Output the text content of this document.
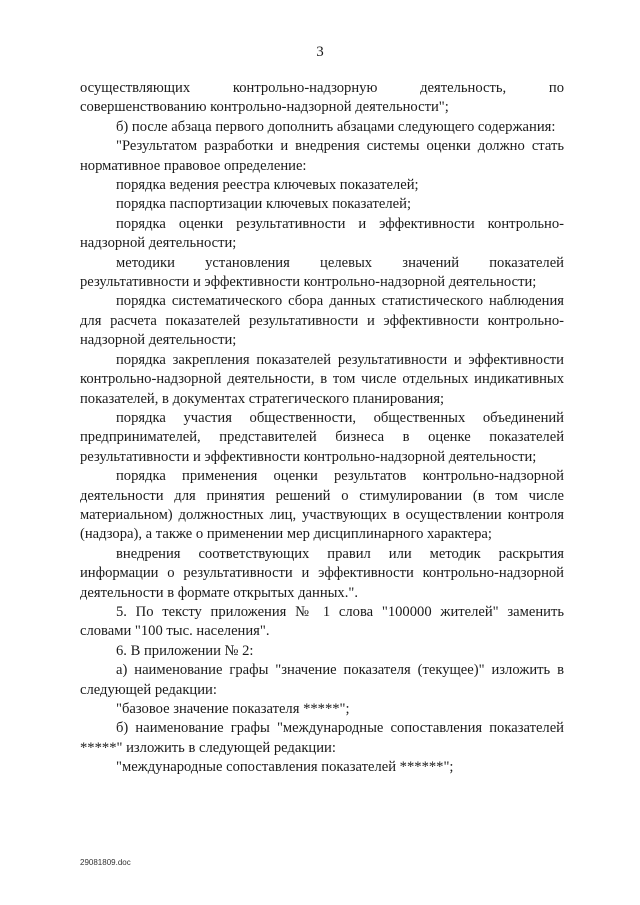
3

осуществляющих контрольно-надзорную деятельность, по совершенствованию контрольно-надзорной деятельности";

б) после абзаца первого дополнить абзацами следующего содержания:

"Результатом разработки и внедрения системы оценки должно стать нормативное правовое определение:

порядка ведения реестра ключевых показателей;

порядка паспортизации ключевых показателей;

порядка оценки результативности и эффективности контрольно-надзорной деятельности;

методики установления целевых значений показателей результативности и эффективности контрольно-надзорной деятельности;

порядка систематического сбора данных статистического наблюдения для расчета показателей результативности и эффективности контрольно-надзорной деятельности;

порядка закрепления показателей результативности и эффективности контрольно-надзорной деятельности, в том числе отдельных индикативных показателей, в документах стратегического планирования;

порядка участия общественности, общественных объединений предпринимателей, представителей бизнеса в оценке показателей результативности и эффективности контрольно-надзорной деятельности;

порядка применения оценки результатов контрольно-надзорной деятельности для принятия решений о стимулировании (в том числе материальном) должностных лиц, участвующих в осуществлении контроля (надзора), а также о применении мер дисциплинарного характера;

внедрения соответствующих правил или методик раскрытия информации о результативности и эффективности контрольно-надзорной деятельности в формате открытых данных.".

5. По тексту приложения № 1 слова "100000 жителей" заменить словами "100 тыс. населения".

6. В приложении № 2:

а) наименование графы "значение показателя (текущее)" изложить в следующей редакции:

"базовое значение показателя *****";

б) наименование графы "международные сопоставления показателей *****" изложить в следующей редакции:

"международные сопоставления показателей ******";

29081809.doc
